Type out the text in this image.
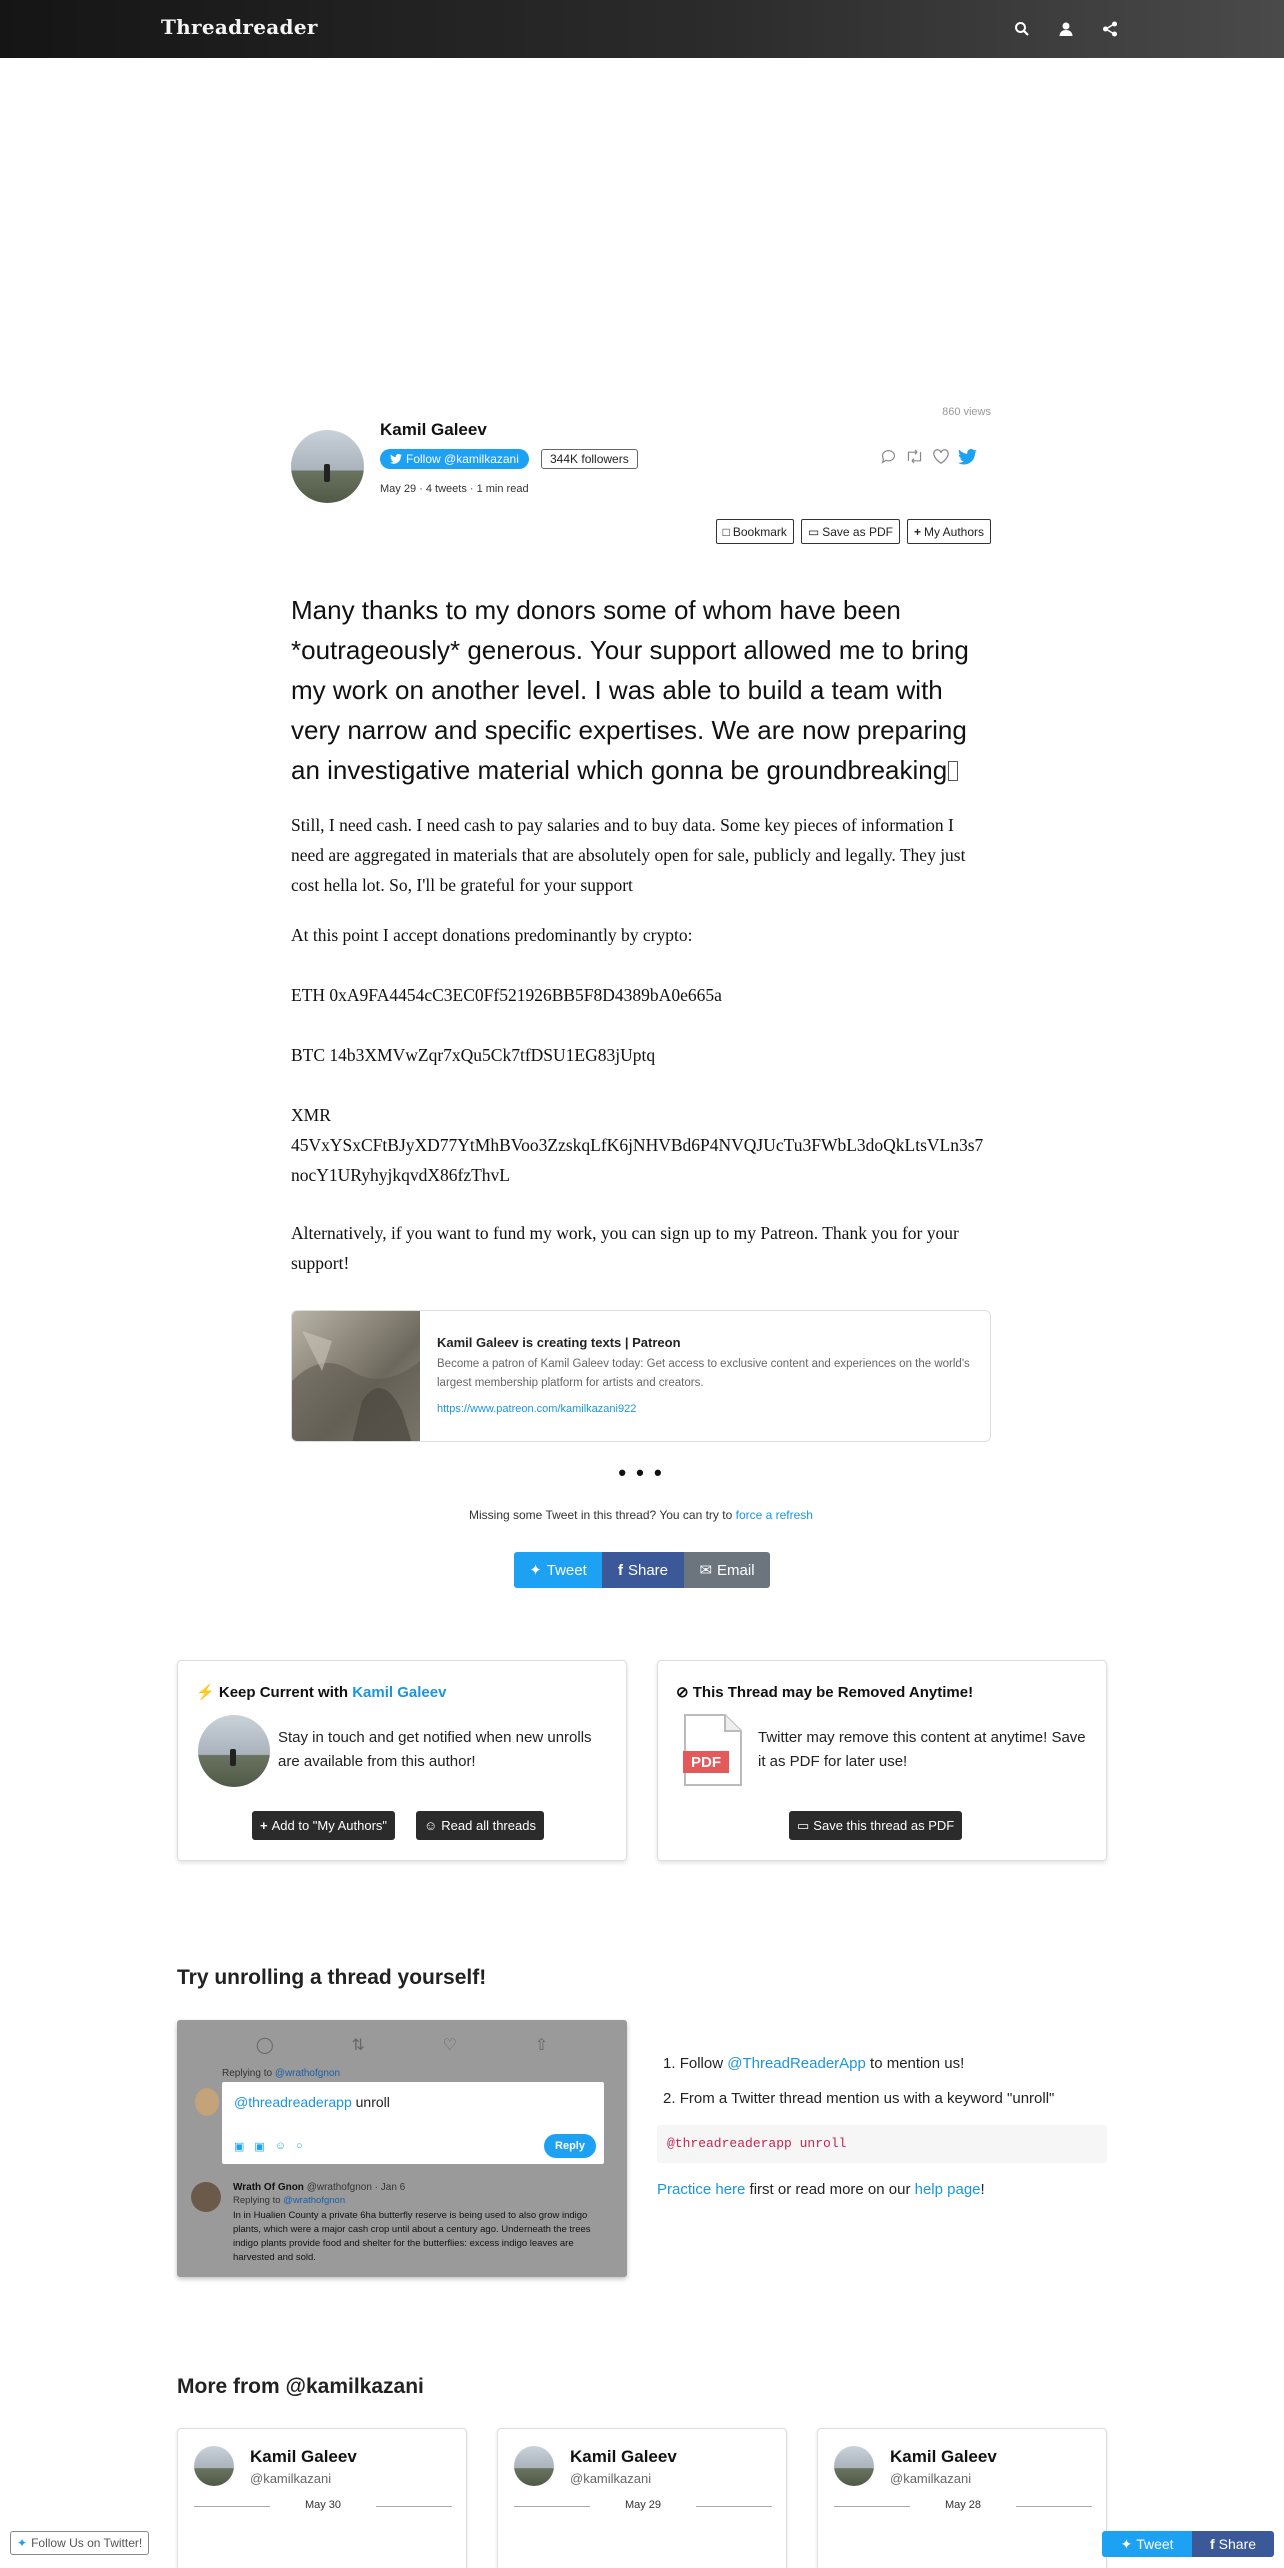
Threadreader
860 views
Kamil Galeev
Follow @kamilkazani	344K followers
May 29 · 4 tweets · 1 min read
□ Bookmark ▭ Save as PDF + My Authors
Many thanks to my donors some of whom have been *outrageously* generous. Your support allowed me to bring my work on another level. I was able to build a team with very narrow and specific expertises. We are now preparing an investigative material which gonna be groundbreaking
Still, I need cash. I need cash to pay salaries and to buy data. Some key pieces of information I need are aggregated in materials that are absolutely open for sale, publicly and legally. They just cost hella lot. So, I'll be grateful for your support
At this point I accept donations predominantly by crypto:
ETH 0xA9FA4454cC3EC0Ff521926BB5F8D4389bA0e665a
BTC 14b3XMVwZqr7xQu5Ck7tfDSU1EG83jUptq
XMR
45VxYSxCFtBJyXD77YtMhBVoo3ZzskqLfK6jNHVBd6P4NVQJUcTu3FWbL3doQkLtsVLn3s7nocY1URyhyjkqvdX86fzThvL
Alternatively, if you want to fund my work, you can sign up to my Patreon. Thank you for your support!
Kamil Galeev is creating texts | Patreon
Become a patron of Kamil Galeev today: Get access to exclusive content and experiences on the world's largest membership platform for artists and creators.
https://www.patreon.com/kamilkazani922
• • •
Missing some Tweet in this thread? You can try to force a refresh
✦ Tweet f Share ✉ Email
⚡ Keep Current with Kamil Galeev

Stay in touch and get notified when new unrolls are available from this author!

+ Add to "My Authors"	☺ Read all threads
⊘ This Thread may be Removed Anytime!
PDF

Twitter may remove this content at anytime! Save it as PDF for later use!

▭ Save this thread as PDF
Try unrolling a thread yourself!
◯	⇅	♡	⇧
Replying to @wrathofgnon
@threadreaderapp unroll
▣ ▣ ☺ ○	Reply
Wrath Of Gnon @wrathofgnon · Jan 6
Replying to @wrathofgnon
In in Hualien County a private 6ha butterfly reserve is being used to also grow indigo plants, which were a major cash crop until about a century ago. Underneath the trees indigo plants provide food and shelter for the butterflies: excess indigo leaves are harvested and sold.
1. Follow @ThreadReaderApp to mention us!
2. From a Twitter thread mention us with a keyword "unroll"
@threadreaderapp unroll
Practice here first or read more on our help page!
More from @kamilkazani
Kamil Galeev
@kamilkazani
May 30
Kamil Galeev
@kamilkazani
May 29
Kamil Galeev
@kamilkazani
May 28
✦ Follow Us on Twitter!	✦ Tweet	f Share
